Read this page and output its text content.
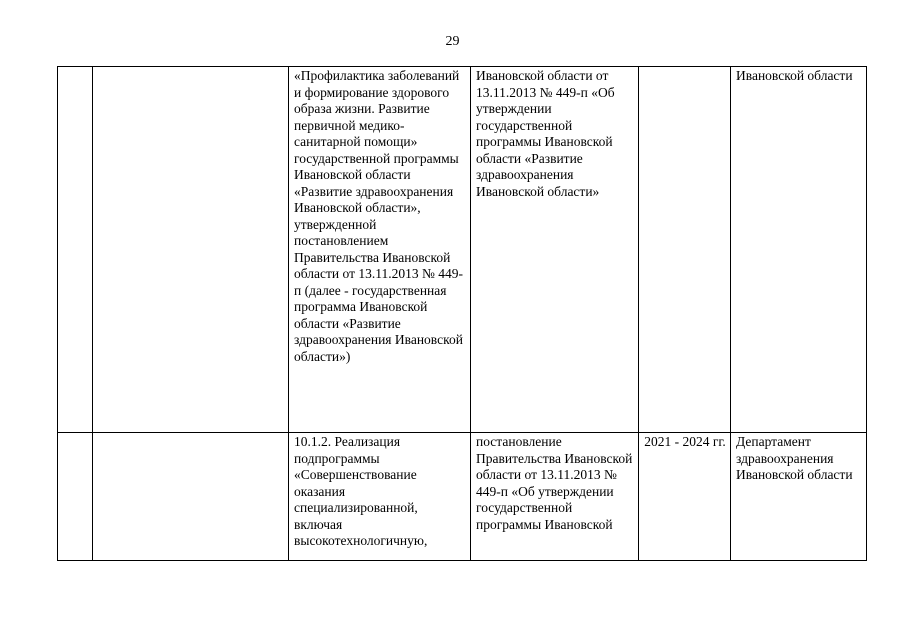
29
		«Профилактика заболеваний и формирование здорового образа жизни. Развитие первичной медико-санитарной помощи» государственной программы Ивановской области «Развитие здравоохранения Ивановской области», утвержденной постановлением Правительства Ивановской области от 13.11.2013 № 449-п (далее - государственная программа Ивановской области «Развитие здравоохранения Ивановской области»)	Ивановской области от 13.11.2013 № 449-п «Об утверждении государственной программы Ивановской области «Развитие здравоохранения Ивановской области»		Ивановской области

		10.1.2. Реализация подпрограммы «Совершенствование оказания специализированной, включая высокотехнологичную,	постановление Правительства Ивановской области от 13.11.2013 № 449-п «Об утверждении государственной программы Ивановской	2021 - 2024 гг.	Департамент здравоохранения Ивановской области
